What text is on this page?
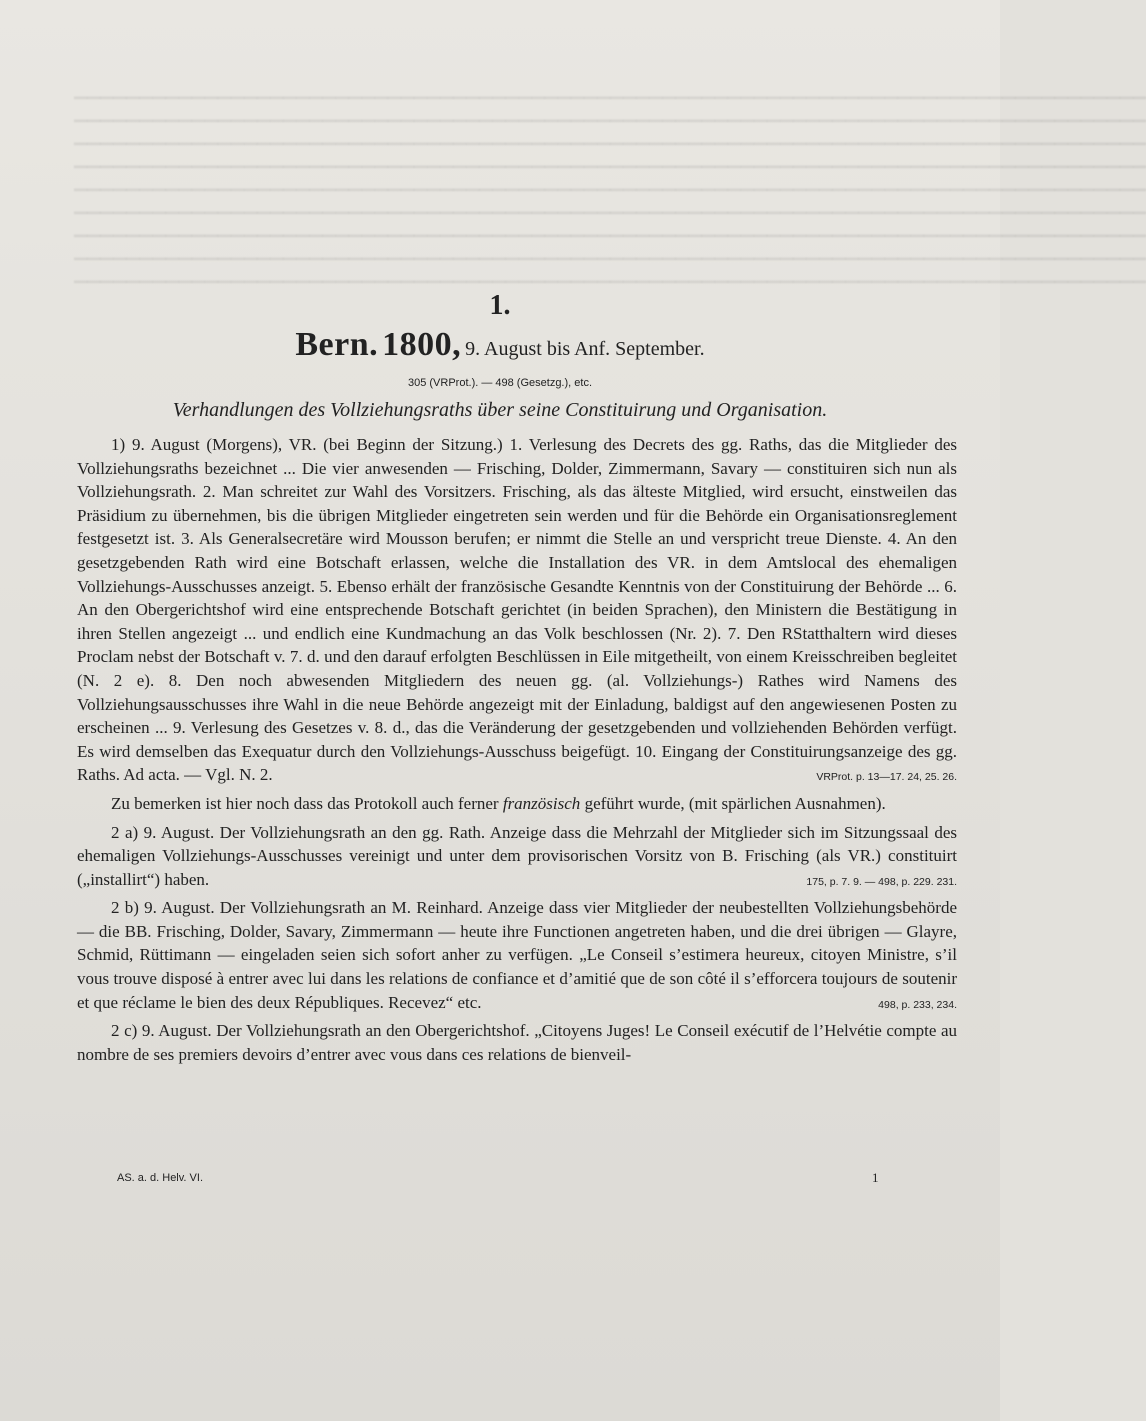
▁▁▁▁▁▁▁▁▁▁▁▁▁▁▁▁▁▁▁▁▁▁▁▁▁▁▁▁▁▁▁▁▁▁▁▁▁▁▁▁▁▁▁▁▁▁▁▁▁▁▁▁▁▁▁▁▁▁▁▁▁▁▁▁▁▁▁▁▁▁▁▁▁▁▁▁▁▁▁▁▁▁
▁▁▁▁▁▁▁▁▁▁▁▁▁▁▁▁▁▁▁▁▁▁▁▁▁▁▁▁▁▁▁▁▁▁▁▁▁▁▁▁▁▁▁▁▁▁▁▁▁▁▁▁▁▁▁▁▁▁▁▁▁▁▁▁▁▁▁▁▁▁▁▁▁▁▁▁▁▁▁▁▁▁
▁▁▁▁▁▁▁▁▁▁▁▁▁▁▁▁▁▁▁▁▁▁▁▁▁▁▁▁▁▁▁▁▁▁▁▁▁▁▁▁▁▁▁▁▁▁▁▁▁▁▁▁▁▁▁▁▁▁▁▁▁▁▁▁▁▁▁▁▁▁▁▁▁▁▁▁▁▁▁▁▁▁
▁▁▁▁▁▁▁▁▁▁▁▁▁▁▁▁▁▁▁▁▁▁▁▁▁▁▁▁▁▁▁▁▁▁▁▁▁▁▁▁▁▁▁▁▁▁▁▁▁▁▁▁▁▁▁▁▁▁▁▁▁▁▁▁▁▁▁▁▁▁▁▁▁▁▁▁▁▁▁▁▁▁
▁▁▁▁▁▁▁▁▁▁▁▁▁▁▁▁▁▁▁▁▁▁▁▁▁▁▁▁▁▁▁▁▁▁▁▁▁▁▁▁▁▁▁▁▁▁▁▁▁▁▁▁▁▁▁▁▁▁▁▁▁▁▁▁▁▁▁▁▁▁▁▁▁▁▁▁▁▁▁▁▁▁
▁▁▁▁▁▁▁▁▁▁▁▁▁▁▁▁▁▁▁▁▁▁▁▁▁▁▁▁▁▁▁▁▁▁▁▁▁▁▁▁▁▁▁▁▁▁▁▁▁▁▁▁▁▁▁▁▁▁▁▁▁▁▁▁▁▁▁▁▁▁▁▁▁▁▁▁▁▁▁▁▁▁
▁▁▁▁▁▁▁▁▁▁▁▁▁▁▁▁▁▁▁▁▁▁▁▁▁▁▁▁▁▁▁▁▁▁▁▁▁▁▁▁▁▁▁▁▁▁▁▁▁▁▁▁▁▁▁▁▁▁▁▁▁▁▁▁▁▁▁▁▁▁▁▁▁▁▁▁▁▁▁▁▁▁
▁▁▁▁▁▁▁▁▁▁▁▁▁▁▁▁▁▁▁▁▁▁▁▁▁▁▁▁▁▁▁▁▁▁▁▁▁▁▁▁▁▁▁▁▁▁▁▁▁▁▁▁▁▁▁▁▁▁▁▁▁▁▁▁▁▁▁▁▁▁▁▁▁▁▁▁▁▁▁▁▁▁
▁▁▁▁▁▁▁▁▁▁▁▁▁▁▁▁▁▁▁▁▁▁▁▁▁▁▁▁▁▁▁▁▁▁▁▁▁▁▁▁▁▁▁▁▁▁▁▁▁▁▁▁▁▁▁▁▁▁▁▁▁▁▁▁▁▁▁▁▁▁▁▁▁▁▁▁▁▁▁▁▁▁
1.
Bern. 1800, 9. August bis Anf. September.
305 (VRProt.). — 498 (Gesetzg.), etc.
Verhandlungen des Vollziehungsraths über seine Constituirung und Organisation.

1) 9. August (Morgens), VR. (bei Beginn der Sitzung.) 1. Verlesung des Decrets des gg. Raths, das die Mitglieder des Vollziehungsraths bezeichnet ... Die vier anwesenden — Frisching, Dolder, Zimmermann, Savary — constituiren sich nun als Vollziehungsrath. 2. Man schreitet zur Wahl des Vorsitzers. Frisching, als das älteste Mitglied, wird ersucht, einstweilen das Präsidium zu übernehmen, bis die übrigen Mitglieder eingetreten sein werden und für die Behörde ein Organisationsreglement festgesetzt ist. 3. Als Generalsecretäre wird Mousson berufen; er nimmt die Stelle an und verspricht treue Dienste. 4. An den gesetzgebenden Rath wird eine Botschaft erlassen, welche die Installation des VR. in dem Amtslocal des ehemaligen Vollziehungs-Ausschusses anzeigt. 5. Ebenso erhält der französische Gesandte Kenntnis von der Constituirung der Behörde ... 6. An den Obergerichtshof wird eine entsprechende Botschaft gerichtet (in beiden Sprachen), den Ministern die Bestätigung in ihren Stellen angezeigt ... und endlich eine Kundmachung an das Volk beschlossen (Nr. 2). 7. Den RStatthaltern wird dieses Proclam nebst der Botschaft v. 7. d. und den darauf erfolgten Beschlüssen in Eile mitgetheilt, von einem Kreisschreiben begleitet (N. 2 e). 8. Den noch abwesenden Mitgliedern des neuen gg. (al. Vollziehungs-) Rathes wird Namens des Vollziehungsausschusses ihre Wahl in die neue Behörde angezeigt mit der Einladung, baldigst auf den angewiesenen Posten zu erscheinen ... 9. Verlesung des Gesetzes v. 8. d., das die Veränderung der gesetzgebenden und vollziehenden Behörden verfügt. Es wird demselben das Exequatur durch den Vollziehungs-Ausschuss beigefügt. 10. Eingang der Constituirungsanzeige des gg. Raths. Ad acta. — Vgl. N. 2.	VRProt. p. 13—17. 24, 25. 26.

Zu bemerken ist hier noch dass das Protokoll auch ferner französisch geführt wurde, (mit spärlichen Ausnahmen).

2 a) 9. August. Der Vollziehungsrath an den gg. Rath. Anzeige dass die Mehrzahl der Mitglieder sich im Sitzungssaal des ehemaligen Vollziehungs-Ausschusses vereinigt und unter dem provisorischen Vorsitz von B. Frisching (als VR.) constituirt („installirt“) haben.	175, p. 7. 9. — 498, p. 229. 231.

2 b) 9. August. Der Vollziehungsrath an M. Reinhard. Anzeige dass vier Mitglieder der neubestellten Vollziehungsbehörde — die BB. Frisching, Dolder, Savary, Zimmermann — heute ihre Functionen angetreten haben, und die drei übrigen — Glayre, Schmid, Rüttimann — eingeladen seien sich sofort anher zu verfügen. „Le Conseil s’estimera heureux, citoyen Ministre, s’il vous trouve disposé à entrer avec lui dans les relations de confiance et d’amitié que de son côté il s’efforcera toujours de soutenir et que réclame le bien des deux Républiques. Recevez“ etc.	498, p. 233, 234.

2 c) 9. August. Der Vollziehungsrath an den Obergerichtshof. „Citoyens Juges! Le Conseil exécutif de l’Helvétie compte au nombre de ses premiers devoirs d’entrer avec vous dans ces relations de bienveil-

AS. a. d. Helv. VI.	1
